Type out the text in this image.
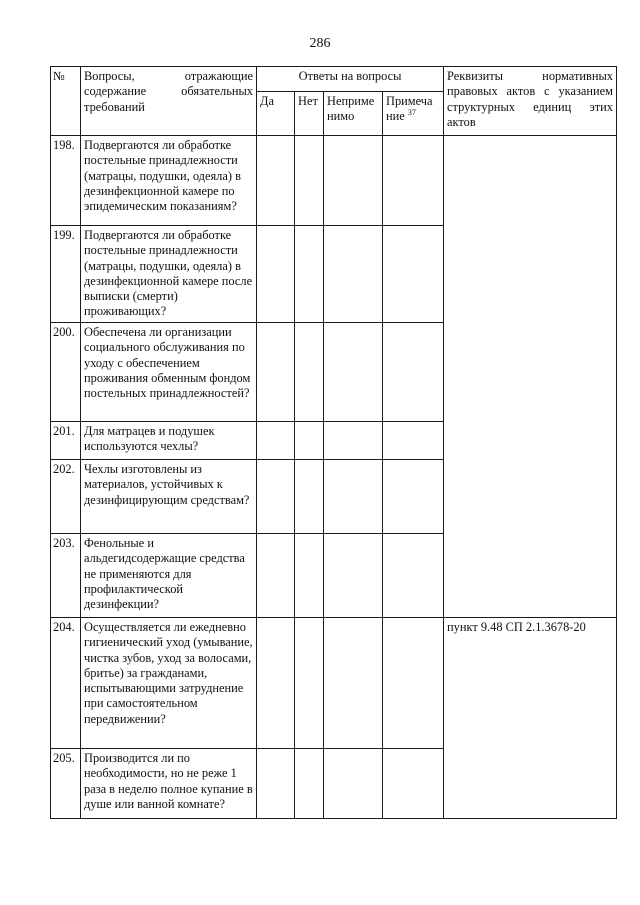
286
№	Вопросы, отражающие
содержание обязательных
требований	Ответы на вопросы				Реквизиты нормативных
правовых актов с указанием
структурных единиц этих
актов

		Да	Нет	Неприме
нимо	Примеча
ние $^{37}$

198.	Подвергаются ли обработке постельные принадлежности (матрацы, подушки, одеяла) в дезинфекционной камере по эпидемическим показаниям?					
199.	Подвергаются ли обработке постельные принадлежности (матрацы, подушки, одеяла) в дезинфекционной камере после выписки (смерти) проживающих?					
200.	Обеспечена ли организации социального обслуживания по уходу с обеспечением проживания обменным фондом постельных принадлежностей?					
201.	Для матрацев и подушек используются чехлы?					
202.	Чехлы изготовлены из материалов, устойчивых к дезинфицирующим средствам?					
203.	Фенольные и альдегидсодержащие средства не применяются для профилактической дезинфекции?					
204.	Осуществляется ли ежедневно гигиенический уход (умывание, чистка зубов, уход за волосами, бритье) за гражданами, испытывающими затруднение при самостоятельном передвижении?					пункт 9.48 СП 2.1.3678-20
205.	Производится ли по необходимости, но не реже 1 раза в неделю полное купание в душе или ванной комнате?					
